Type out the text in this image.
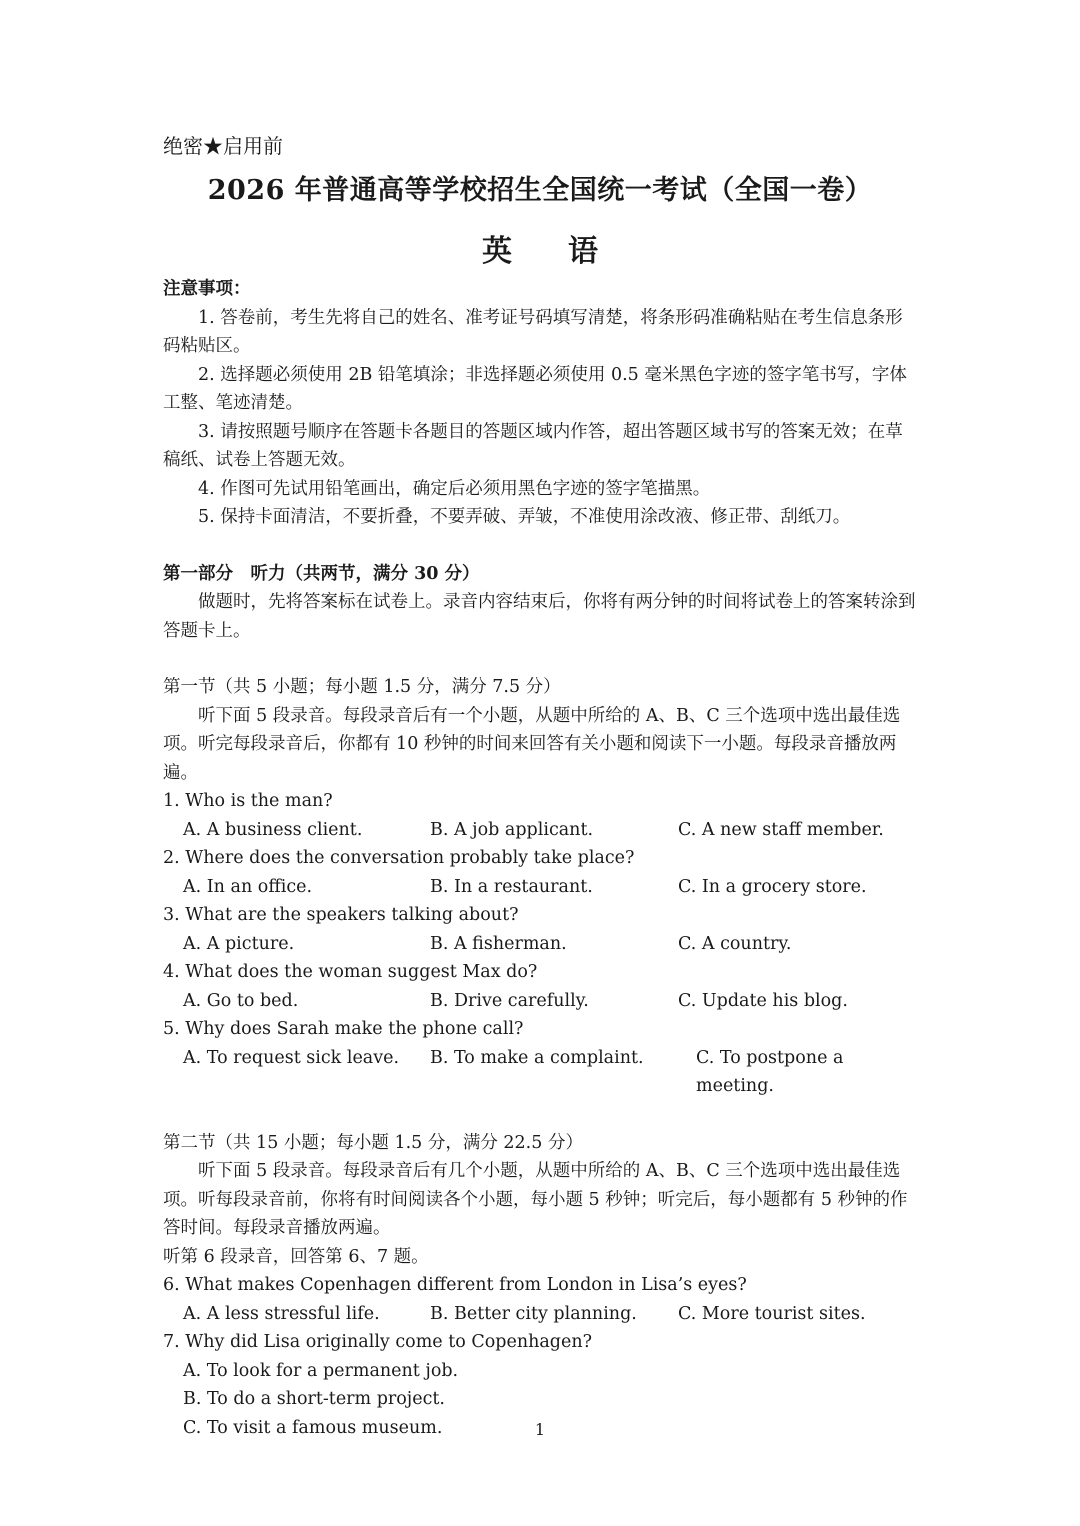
绝密★启用前
2026 年普通高等学校招生全国统一考试（全国一卷）
英语

注意事项：

1. 答卷前，考生先将自己的姓名、准考证号码填写清楚，将条形码准确粘贴在考生信息条形码粘贴区。

2. 选择题必须使用 2B 铅笔填涂；非选择题必须使用 0.5 毫米黑色字迹的签字笔书写，字体工整、笔迹清楚。

3. 请按照题号顺序在答题卡各题目的答题区域内作答，超出答题区域书写的答案无效；在草稿纸、试卷上答题无效。

4. 作图可先试用铅笔画出，确定后必须用黑色字迹的签字笔描黑。

5. 保持卡面清洁，不要折叠，不要弄破、弄皱，不准使用涂改液、修正带、刮纸刀。

第一部分　听力（共两节，满分 30 分）

做题时，先将答案标在试卷上。录音内容结束后，你将有两分钟的时间将试卷上的答案转涂到答题卡上。

第一节（共 5 小题；每小题 1.5 分，满分 7.5 分）

听下面 5 段录音。每段录音后有一个小题，从题中所给的 A、B、C 三个选项中选出最佳选项。听完每段录音后，你都有 10 秒钟的时间来回答有关小题和阅读下一小题。每段录音播放两遍。

1. Who is the man?

A. A business client.	B. A job applicant.	C. A new staff member.

2. Where does the conversation probably take place?

A. In an office.	B. In a restaurant.	C. In a grocery store.

3. What are the speakers talking about?

A. A picture.	B. A fisherman.	C. A country.

4. What does the woman suggest Max do?

A. Go to bed.	B. Drive carefully.	C. Update his blog.

5. Why does Sarah make the phone call?

A. To request sick leave.	B. To make a complaint.	C. To postpone a meeting.

第二节（共 15 小题；每小题 1.5 分，满分 22.5 分）

听下面 5 段录音。每段录音后有几个小题，从题中所给的 A、B、C 三个选项中选出最佳选项。听每段录音前，你将有时间阅读各个小题，每小题 5 秒钟；听完后，每小题都有 5 秒钟的作答时间。每段录音播放两遍。

听第 6 段录音，回答第 6、7 题。

6. What makes Copenhagen different from London in Lisa’s eyes?

A. A less stressful life.	B. Better city planning.	C. More tourist sites.

7. Why did Lisa originally come to Copenhagen?

A. To look for a permanent job.

B. To do a short-term project.

C. To visit a famous museum.	1
